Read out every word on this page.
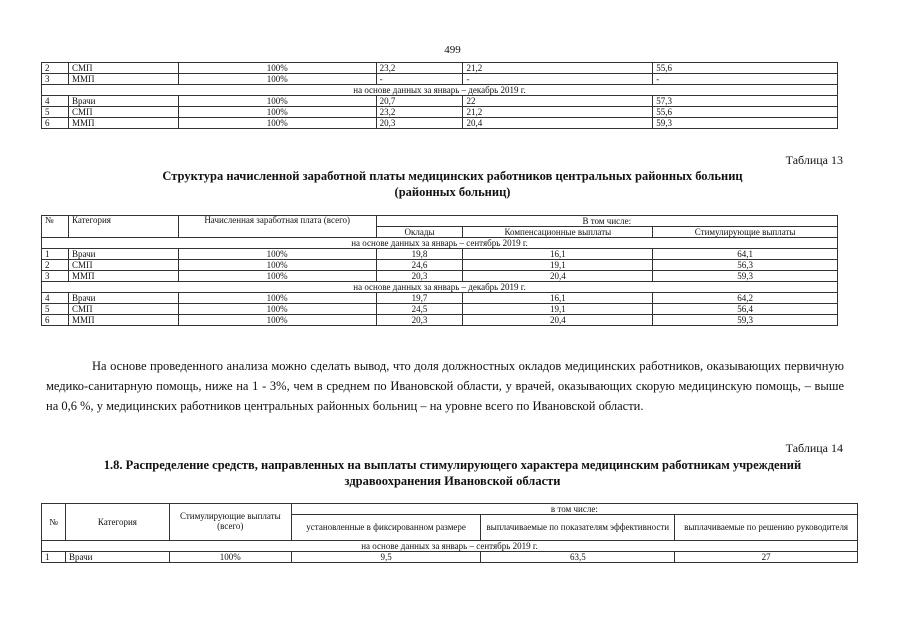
499
2	СМП	100%	23,2	21,2	55,6
3	ММП	100%	-	-	-
на основе данных за январь – декабрь 2019 г.					
4	Врачи	100%	20,7	22	57,3
5	СМП	100%	23,2	21,2	55,6
6	ММП	100%	20,3	20,4	59,3
Таблица 13
Структура начисленной заработной платы медицинских работников центральных районных больниц
(районных больниц)
№	Категория	Начисленная заработная плата (всего)	В том числе:		
			Оклады	Компенсационные выплаты	Стимулирующие выплаты
на основе данных за январь – сентябрь 2019 г.					
1	Врачи	100%	19,8	16,1	64,1
2	СМП	100%	24,6	19,1	56,3
3	ММП	100%	20,3	20,4	59,3
на основе данных за январь – декабрь 2019 г.					
4	Врачи	100%	19,7	16,1	64,2
5	СМП	100%	24,5	19,1	56,4
6	ММП	100%	20,3	20,4	59,3

На основе проведенного анализа можно сделать вывод, что доля должностных окладов медицинских работников, оказывающих первичную медико-санитарную помощь, ниже на 1 - 3%, чем в среднем по Ивановской области, у врачей, оказывающих скорую медицинскую помощь, – выше на 0,6 %, у медицинских работников центральных районных больниц – на уровне всего по Ивановской области.

Таблица 14
1.8. Распределение средств, направленных на выплаты стимулирующего характера медицинским работникам учреждений
здравоохранения Ивановской области
№	Категория	Стимулирующие выплаты (всего)	в том числе:		
			установленные в фиксированном размере	выплачиваемые по показателям эффективности	выплачиваемые по решению руководителя
на основе данных за январь – сентябрь 2019 г.					
1	Врачи	100%	9,5	63,5	27
